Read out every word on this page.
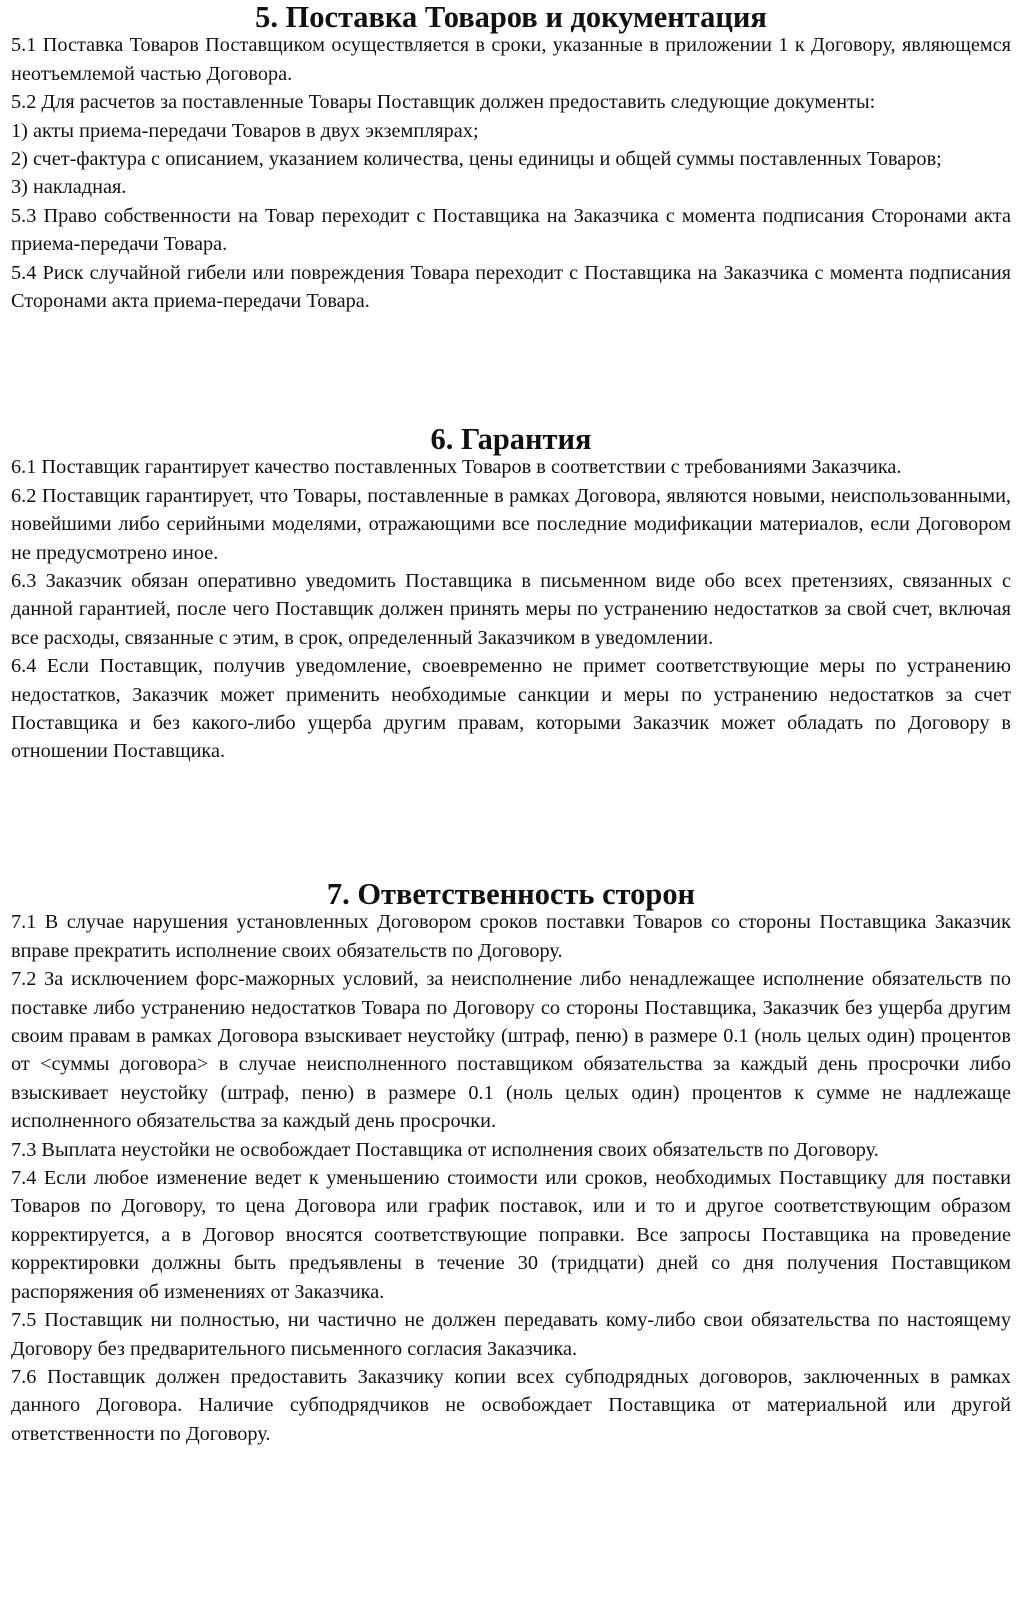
5. Поставка Товаров и документация

5.1 Поставка Товаров Поставщиком осуществляется в сроки, указанные в приложении 1 к Договору, являющемся неотъемлемой частью Договора.

5.2 Для расчетов за поставленные Товары Поставщик должен предоставить следующие документы:

1) акты приема-передачи Товаров в двух экземплярах;

2) счет-фактура с описанием, указанием количества, цены единицы и общей суммы поставленных Товаров;

3) накладная.

5.3 Право собственности на Товар переходит с Поставщика на Заказчика с момента подписания Сторонами акта приема-передачи Товара.

5.4 Риск случайной гибели или повреждения Товара переходит с Поставщика на Заказчика с момента подписания Сторонами акта приема-передачи Товара.

6. Гарантия

6.1 Поставщик гарантирует качество поставленных Товаров в соответствии с требованиями Заказчика.

6.2 Поставщик гарантирует, что Товары, поставленные в рамках Договора, являются новыми, неиспользованными, новейшими либо серийными моделями, отражающими все последние модификации материалов, если Договором не предусмотрено иное.

6.3 Заказчик обязан оперативно уведомить Поставщика в письменном виде обо всех претензиях, связанных с данной гарантией, после чего Поставщик должен принять меры по устранению недостатков за свой счет, включая все расходы, связанные с этим, в срок, определенный Заказчиком в уведомлении.

6.4 Если Поставщик, получив уведомление, своевременно не примет соответствующие меры по устранению недостатков, Заказчик может применить необходимые санкции и меры по устранению недостатков за счет Поставщика и без какого-либо ущерба другим правам, которыми Заказчик может обладать по Договору в отношении Поставщика.

7. Ответственность сторон

7.1 В случае нарушения установленных Договором сроков поставки Товаров со стороны Поставщика Заказчик вправе прекратить исполнение своих обязательств по Договору.

7.2 За исключением форс-мажорных условий, за неисполнение либо ненадлежащее исполнение обязательств по поставке либо устранению недостатков Товара по Договору со стороны Поставщика, Заказчик без ущерба другим своим правам в рамках Договора взыскивает неустойку (штраф, пеню) в размере 0.1 (ноль целых один) процентов от <суммы договора> в случае неисполненного поставщиком обязательства за каждый день просрочки либо взыскивает неустойку (штраф, пеню) в размере 0.1 (ноль целых один) процентов к сумме не надлежаще исполненного обязательства за каждый день просрочки.

7.3 Выплата неустойки не освобождает Поставщика от исполнения своих обязательств по Договору.

7.4 Если любое изменение ведет к уменьшению стоимости или сроков, необходимых Поставщику для поставки Товаров по Договору, то цена Договора или график поставок, или и то и другое соответствующим образом корректируется, а в Договор вносятся соответствующие поправки. Все запросы Поставщика на проведение корректировки должны быть предъявлены в течение 30 (тридцати) дней со дня получения Поставщиком распоряжения об изменениях от Заказчика.

7.5 Поставщик ни полностью, ни частично не должен передавать кому-либо свои обязательства по настоящему Договору без предварительного письменного согласия Заказчика.

7.6 Поставщик должен предоставить Заказчику копии всех субподрядных договоров, заключенных в рамках данного Договора. Наличие субподрядчиков не освобождает Поставщика от материальной или другой ответственности по Договору.
